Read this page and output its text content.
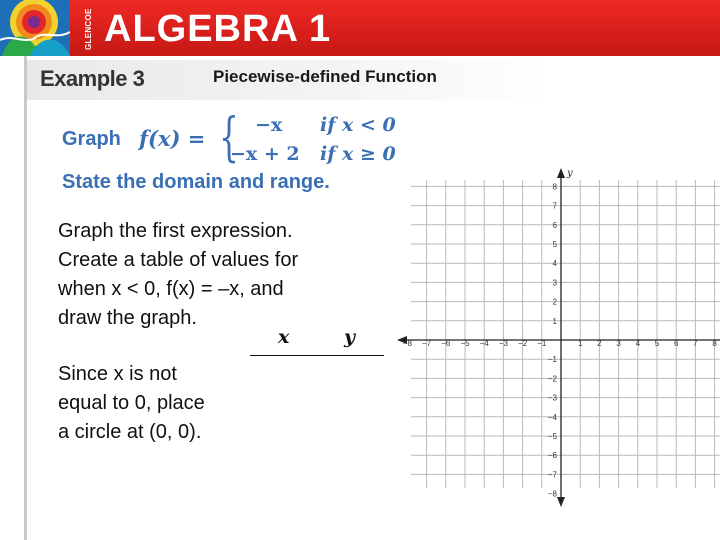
GLENCOE ALGEBRA 1
Example 3	Piecewise-defined Function
Graph f(x) = { −x if x < 0
−x + 2 if x ≥ 0
State the domain and range.
Graph the first expression.
Create a table of values for
when x < 0, f(x) = –x, and
draw the graph.
Since x is not
equal to 0, place
a circle at (0, 0).
x	y	−8 −7 −6 −5 −4 −3 −2 −1	1 2 3 4 5 6 7 8
8
7
6
5
4
3
2
1
−1
−2
−3
−4
−5
−6
−7
−8
y
